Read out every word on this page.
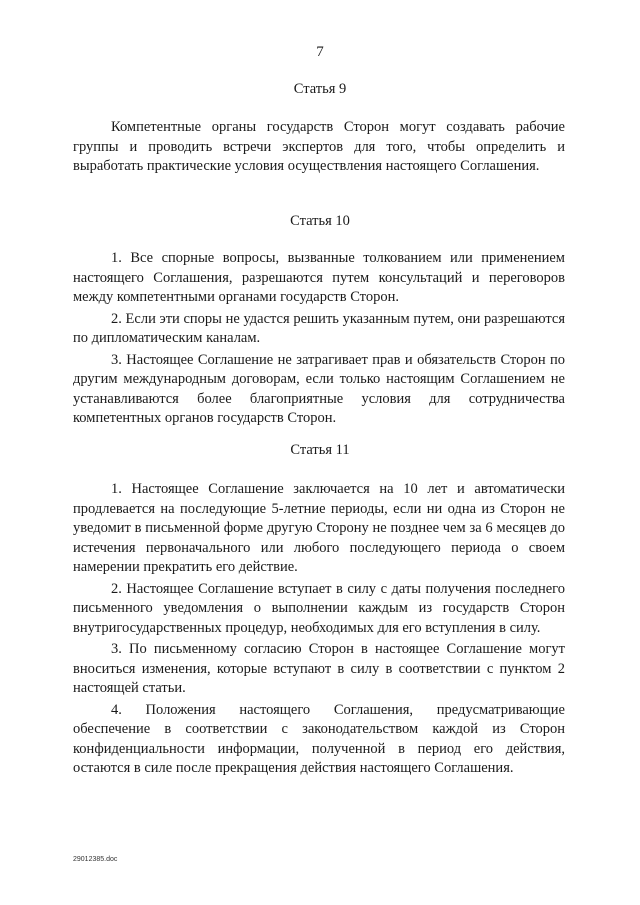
7
Статья 9

Компетентные органы государств Сторон могут создавать рабочие группы и проводить встречи экспертов для того, чтобы определить и выработать практические условия осуществления настоящего Соглашения.

Статья 10

1. Все спорные вопросы, вызванные толкованием или применением настоящего Соглашения, разрешаются путем консультаций и переговоров между компетентными органами государств Сторон.

2. Если эти споры не удастся решить указанным путем, они разрешаются по дипломатическим каналам.

3. Настоящее Соглашение не затрагивает прав и обязательств Сторон по другим международным договорам, если только настоящим Соглашением не устанавливаются более благоприятные условия для сотрудничества компетентных органов государств Сторон.

Статья 11

1. Настоящее Соглашение заключается на 10 лет и автоматически продлевается на последующие 5-летние периоды, если ни одна из Сторон не уведомит в письменной форме другую Сторону не позднее чем за 6 месяцев до истечения первоначального или любого последующего периода о своем намерении прекратить его действие.

2. Настоящее Соглашение вступает в силу с даты получения последнего письменного уведомления о выполнении каждым из государств Сторон внутригосударственных процедур, необходимых для его вступления в силу.

3. По письменному согласию Сторон в настоящее Соглашение могут вноситься изменения, которые вступают в силу в соответствии с пунктом 2 настоящей статьи.

4. Положения настоящего Соглашения, предусматривающие обеспечение в соответствии с законодательством каждой из Сторон конфиденциальности информации, полученной в период его действия, остаются в силе после прекращения действия настоящего Соглашения.

29012385.doc
